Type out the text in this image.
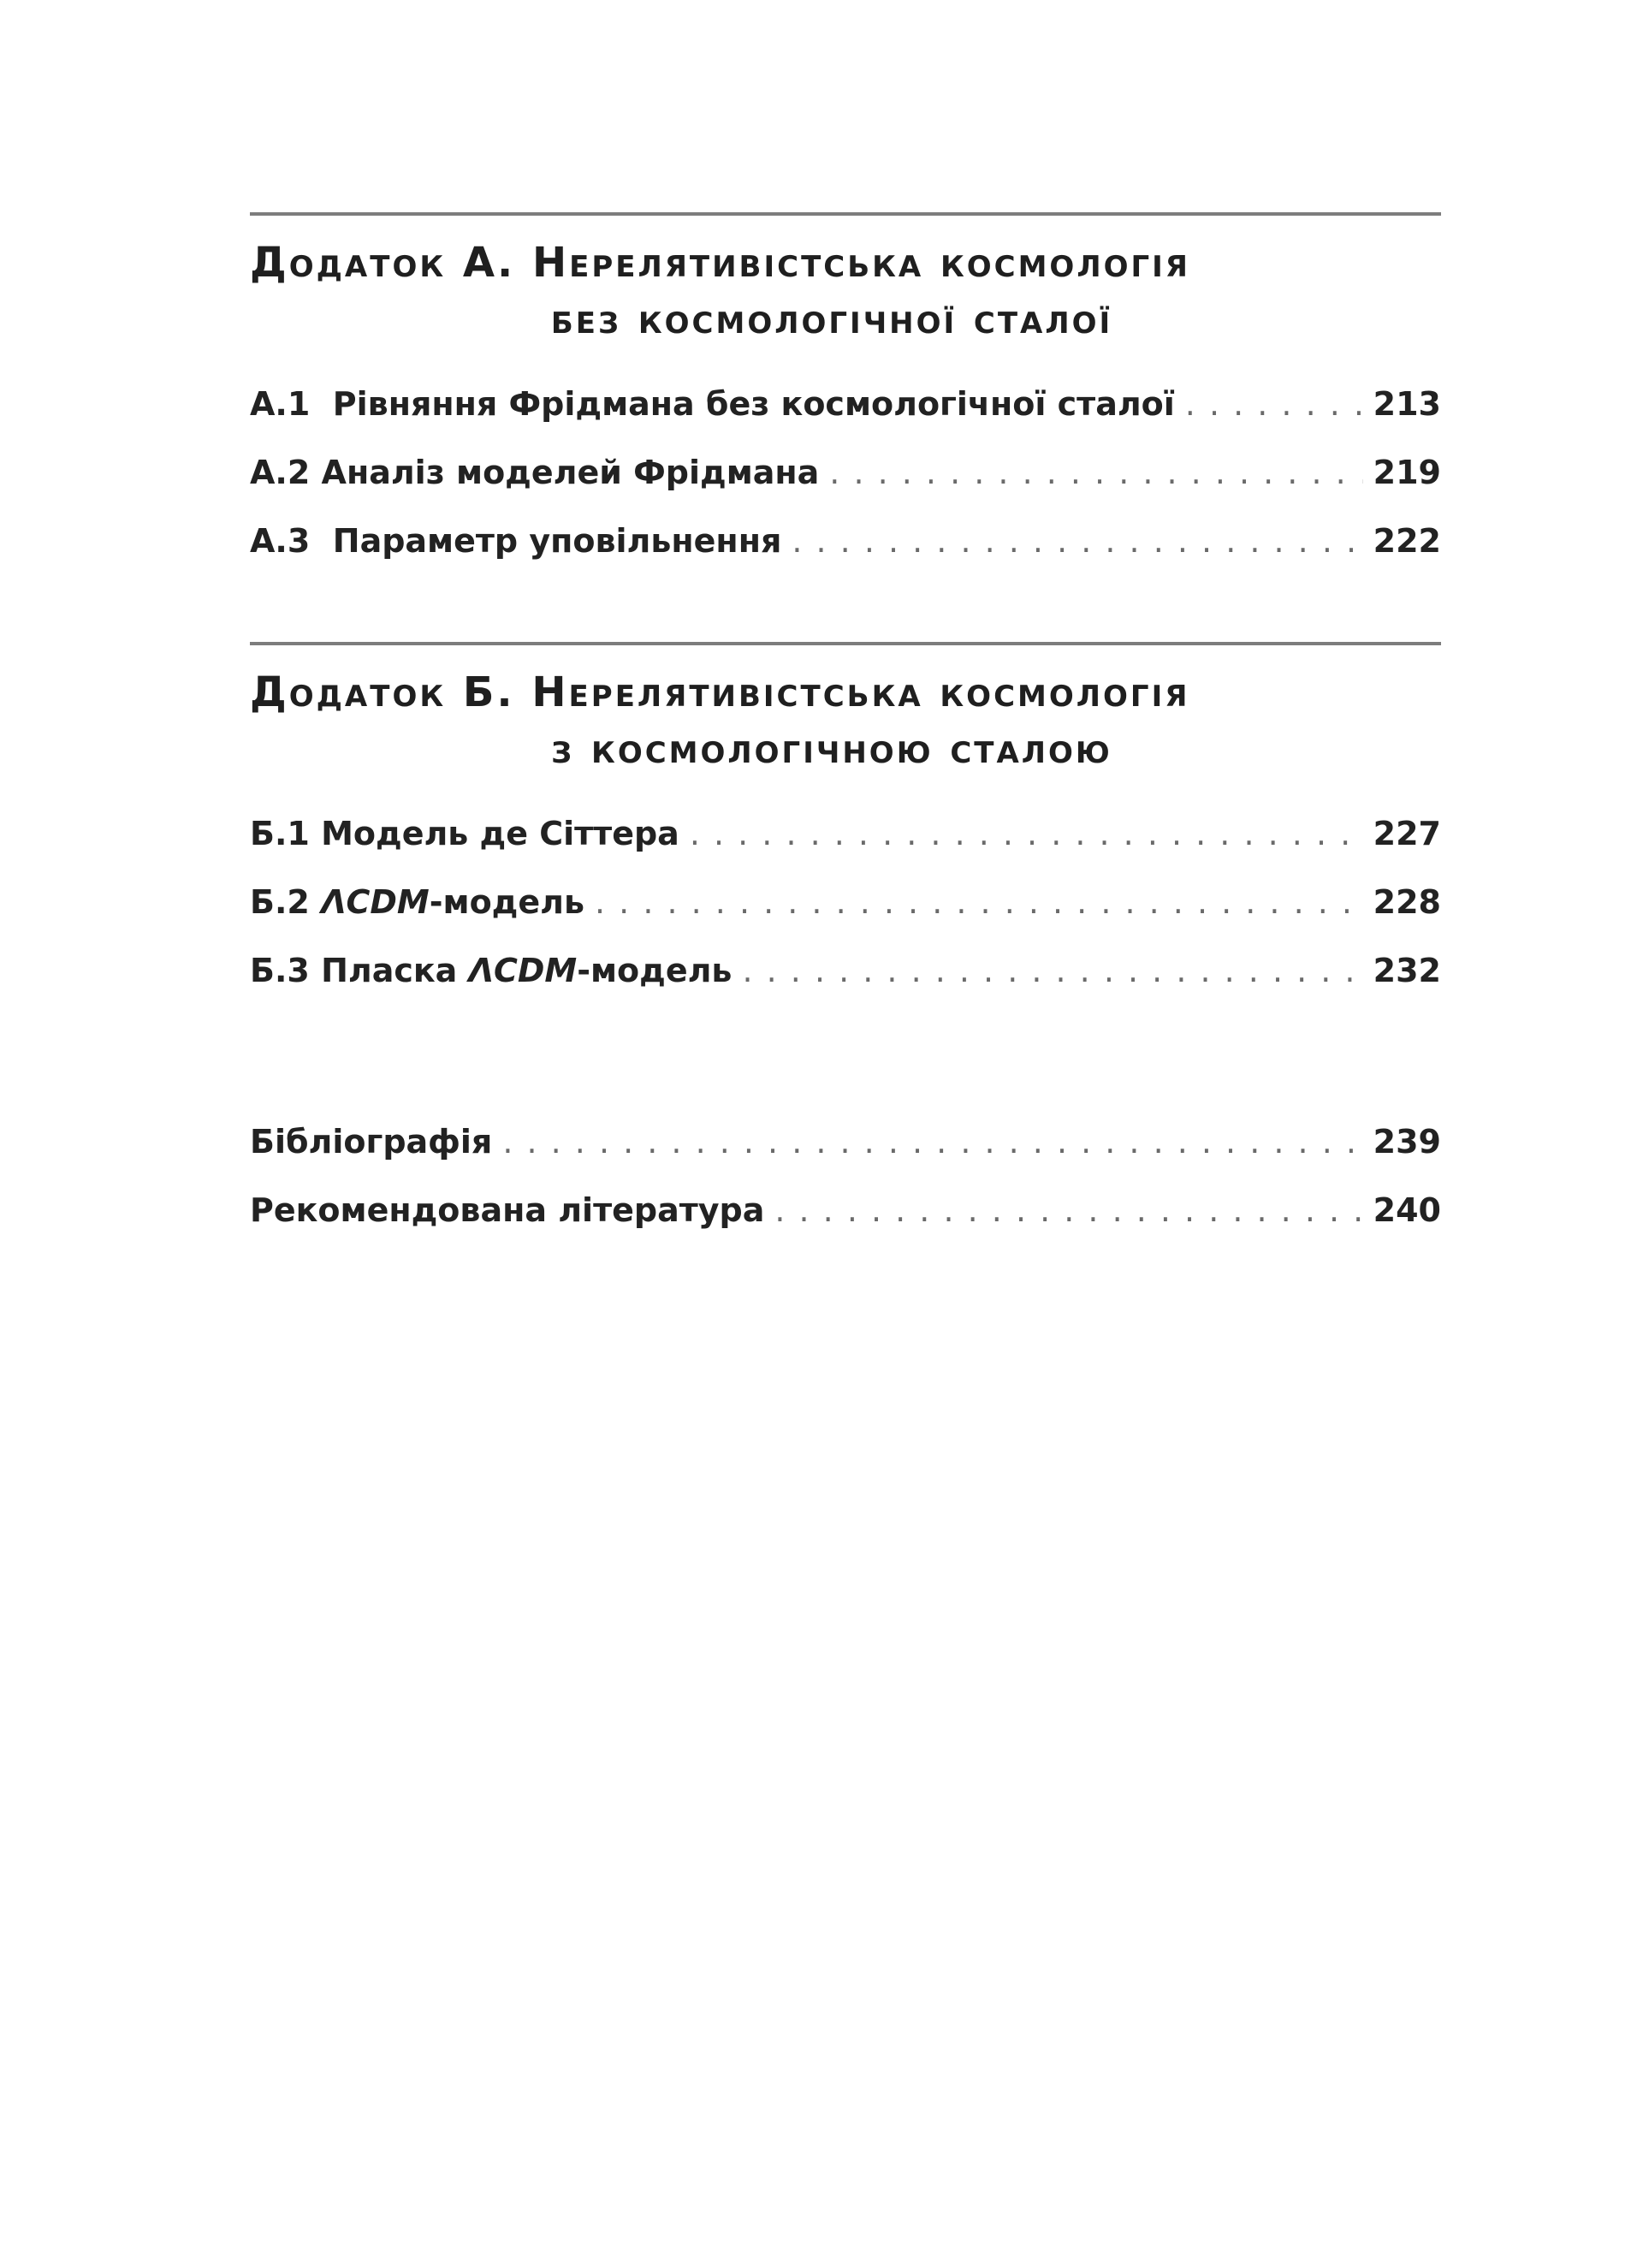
Додаток А. Нерелятивістська космологія
без космологічної сталої
А.1 Рівняння Фрідмана без космологічної сталої . . .	213
А.2 Аналіз моделей Фрідмана . . .	219
А.3 Параметр уповільнення . . .	222
Додаток Б. Нерелятивістська космологія
з космологічною сталою
Б.1 Модель де Сіттера . . .	227
Б.2 ΛCDM-модель . . .	228
Б.3 Пласка ΛCDM-модель . . .	232
Бібліографія . . .	239
Рекомендована література . . .	240
